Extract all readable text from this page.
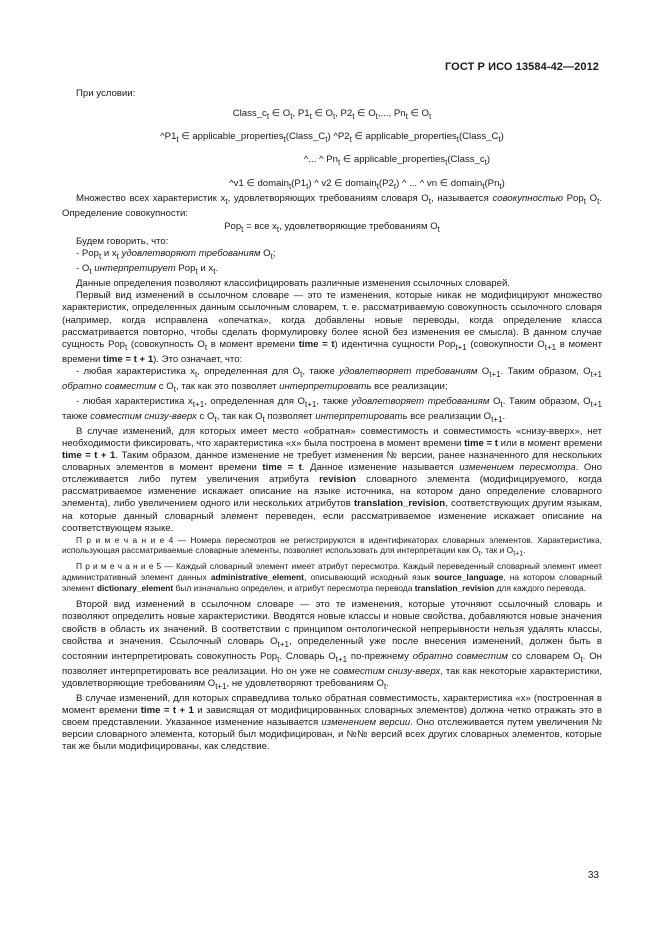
ГОСТ Р ИСО 13584-42—2012

При условии:

$Class\_c_t$ ∈ $O_t$, $P1_t$ ∈ $O_t$, $P2_t$ ∈ $O_t$,..., $Pn_t$ ∈ $O_t$

$\^{}P1_t$ ∈ $applicable\_properties_t(Class\_C_t)$ $\^{}P2_t$ ∈ $applicable\_properties_t(Class\_C_t)$

^... ^ $Pn_t$ ∈ $applicable\_properties_t(Class\_c_t)$

^v1 ∈ $domain_t(P1_t)$ ^ v2 ∈ $domain_t(P2_t)$ ^ ... ^ vn ∈ $domain_t(Pn_t)$

Множество всех характеристик $x_t$, удовлетворяющих требованиям словаря $O_t$, называется совокупностью Pop$_t$ $O_t$. Определение совокупности:

Pop$_t$ = все $x_t$, удовлетворяющие требованиям $O_t$

Будем говорить, что:

- Pop$_t$ и $x_t$ удовлетворяют требованиям $O_t$;

- $O_t$ интерпретирует Pop$_t$ и $x_t$.

Данные определения позволяют классифицировать различные изменения ссылочных словарей.

Первый вид изменений в ссылочном словаре — это те изменения, которые никак не модифицируют множество характеристик, определенных данным ссылочным словарем, т. е. рассматриваемую совокупность ссылочного словаря (например, когда исправлена «опечатка», когда добавлены новые переводы, когда определение класса рассматривается повторно, чтобы сделать формулировку более ясной без изменения ее смысла). В данном случае сущность Pop$_t$ (совокупность $O_t$ в момент времени time = t) идентична сущности Pop$_{t+1}$ (совокупности $O_{t+1}$ в момент времени time = t + 1). Это означает, что:

- любая характеристика $x_t$, определенная для $O_t$, также удовлетворяет требованиям $O_{t+1}$. Таким образом, $O_{t+1}$ обратно совместим с $O_t$, так как это позволяет интерпретировать все реализации;

- любая характеристика $x_{t+1}$, определенная для $O_{t+1}$, также удовлетворяет требованиям $O_t$. Таким образом, $O_{t+1}$ также совместим снизу-вверх с $O_t$, так как $O_t$ позволяет интерпретировать все реализации $O_{t+1}$.

В случае изменений, для которых имеет место «обратная» совместимость и совместимость «снизу-вверх», нет необходимости фиксировать, что характеристика «x» была построена в момент времени time = t или в момент времени time = t + 1. Таким образом, данное изменение не требует изменения № версии, ранее назначенного для нескольких словарных элементов в момент времени time = t. Данное изменение называется изменением пересмотра. Оно отслеживается либо путем увеличения атрибута revision словарного элемента (модифицируемого, когда рассматриваемое изменение искажает описание на языке источника, на котором дано определение словарного элемента), либо увеличением одного или нескольких атрибутов translation_revision, соответствующих другим языкам, на которые данный словарный элемент переведен, если рассматриваемое изменение искажает описание на соответствующем языке.

П р и м е ч а н и е 4 — Номера пересмотров не регистрируются в идентификаторах словарных элементов. Характеристика, использующая рассматриваемые словарные элементы, позволяет использовать для интерпретации как $O_t$, так и $O_{t+1}$.

П р и м е ч а н и е 5 — Каждый словарный элемент имеет атрибут пересмотра. Каждый переведенный словарный элемент имеет административный элемент данных administrative_element, описывающий исходный язык source_language, на котором словарный элемент dictionary_element был изначально определен, и атрибут пересмотра перевода translation_revision для каждого перевода.

Второй вид изменений в ссылочном словаре — это те изменения, которые уточняют ссылочный словарь и позволяют определить новые характеристики. Вводятся новые классы и новые свойства, добавляются новые значения свойств в область их значений. В соответствии с принципом онтологической непрерывности нельзя удалять классы, свойства и значения. Ссылочный словарь $O_{t+1}$, определенный уже после внесения изменений, должен быть в состоянии интерпретировать совокупность Pop$_t$. Словарь $O_{t+1}$ по-прежнему обратно совместим со словарем $O_t$. Он позволяет интерпретировать все реализации. Но он уже не совместим снизу-вверх, так как некоторые характеристики, удовлетворяющие требованиям $O_{t+1}$, не удовлетворяют требованиям $O_t$.

В случае изменений, для которых справедлива только обратная совместимость, характеристика «x» (построенная в момент времени time = t + 1 и зависящая от модифицированных словарных элементов) должна четко отражать это в своем представлении. Указанное изменение называется изменением версии. Оно отслеживается путем увеличения № версии словарного элемента, который был модифицирован, и №№ версий всех других словарных элементов, которые так же были модифицированы, как следствие.

33
